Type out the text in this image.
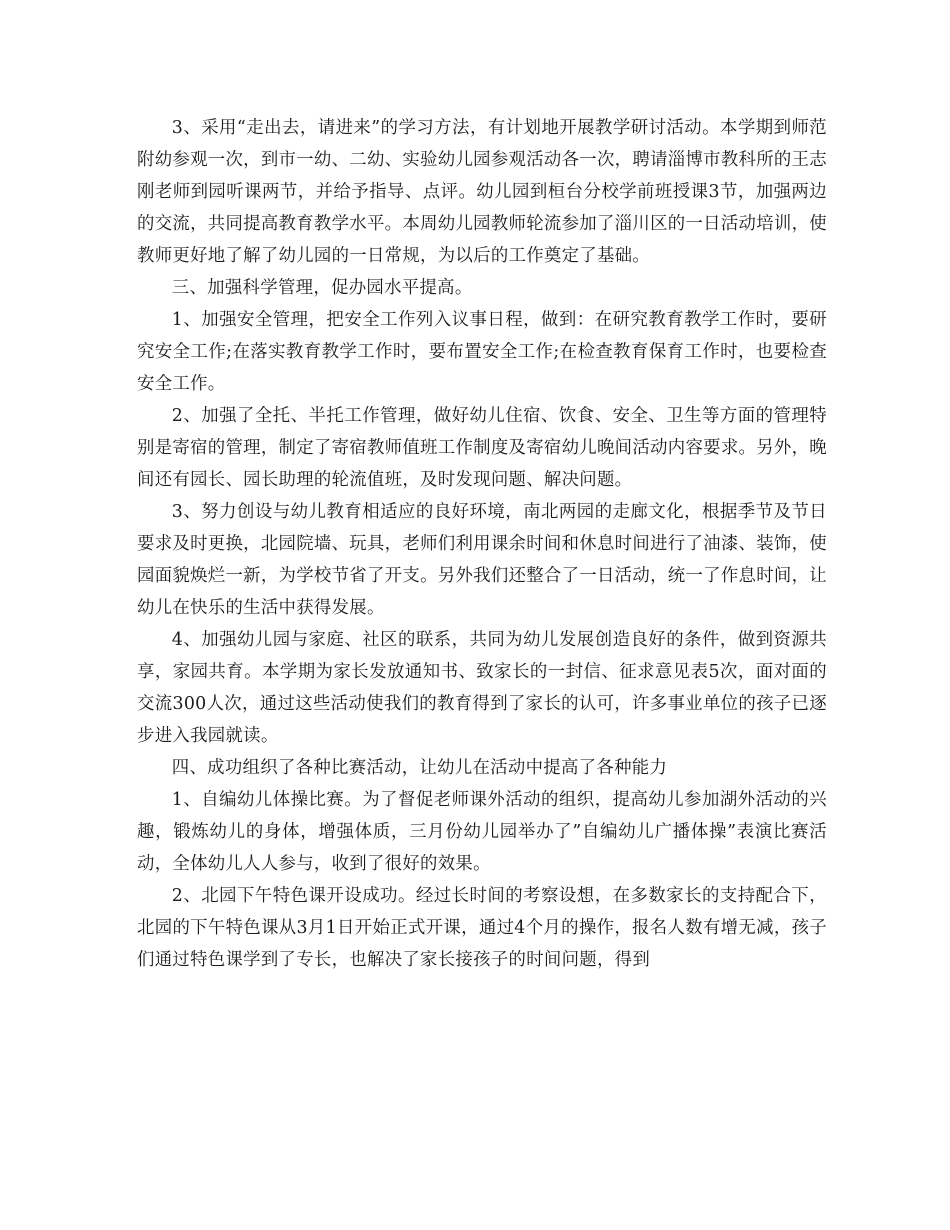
3、采用“走出去，请进来”的学习方法，有计划地开展教学研讨活动。本学期到师范附幼参观一次，到市一幼、二幼、实验幼儿园参观活动各一次，聘请淄博市教科所的王志刚老师到园听课两节，并给予指导、点评。幼儿园到桓台分校学前班授课3节，加强两边的交流，共同提高教育教学水平。本周幼儿园教师轮流参加了淄川区的一日活动培训，使教师更好地了解了幼儿园的一日常规，为以后的工作奠定了基础。

三、加强科学管理，促办园水平提高。

1、加强安全管理，把安全工作列入议事日程，做到：在研究教育教学工作时，要研究安全工作;在落实教育教学工作时，要布置安全工作;在检查教育保育工作时，也要检查安全工作。

2、加强了全托、半托工作管理，做好幼儿住宿、饮食、安全、卫生等方面的管理特别是寄宿的管理，制定了寄宿教师值班工作制度及寄宿幼儿晚间活动内容要求。另外，晚间还有园长、园长助理的轮流值班，及时发现问题、解决问题。

3、努力创设与幼儿教育相适应的良好环境，南北两园的走廊文化，根据季节及节日要求及时更换，北园院墙、玩具，老师们利用课余时间和休息时间进行了油漆、装饰，使园面貌焕烂一新，为学校节省了开支。另外我们还整合了一日活动，统一了作息时间，让幼儿在快乐的生活中获得发展。

4、加强幼儿园与家庭、社区的联系，共同为幼儿发展创造良好的条件，做到资源共享，家园共育。本学期为家长发放通知书、致家长的一封信、征求意见表5次，面对面的交流300人次，通过这些活动使我们的教育得到了家长的认可，许多事业单位的孩子已逐步进入我园就读。

四、成功组织了各种比赛活动，让幼儿在活动中提高了各种能力

1、自编幼儿体操比赛。为了督促老师课外活动的组织，提高幼儿参加湖外活动的兴趣，锻炼幼儿的身体，增强体质，三月份幼儿园举办了”自编幼儿广播体操”表演比赛活动，全体幼儿人人参与，收到了很好的效果。

2、北园下午特色课开设成功。经过长时间的考察设想，在多数家长的支持配合下，北园的下午特色课从3月1日开始正式开课，通过4个月的操作，报名人数有增无减，孩子们通过特色课学到了专长，也解决了家长接孩子的时间问题，得到
